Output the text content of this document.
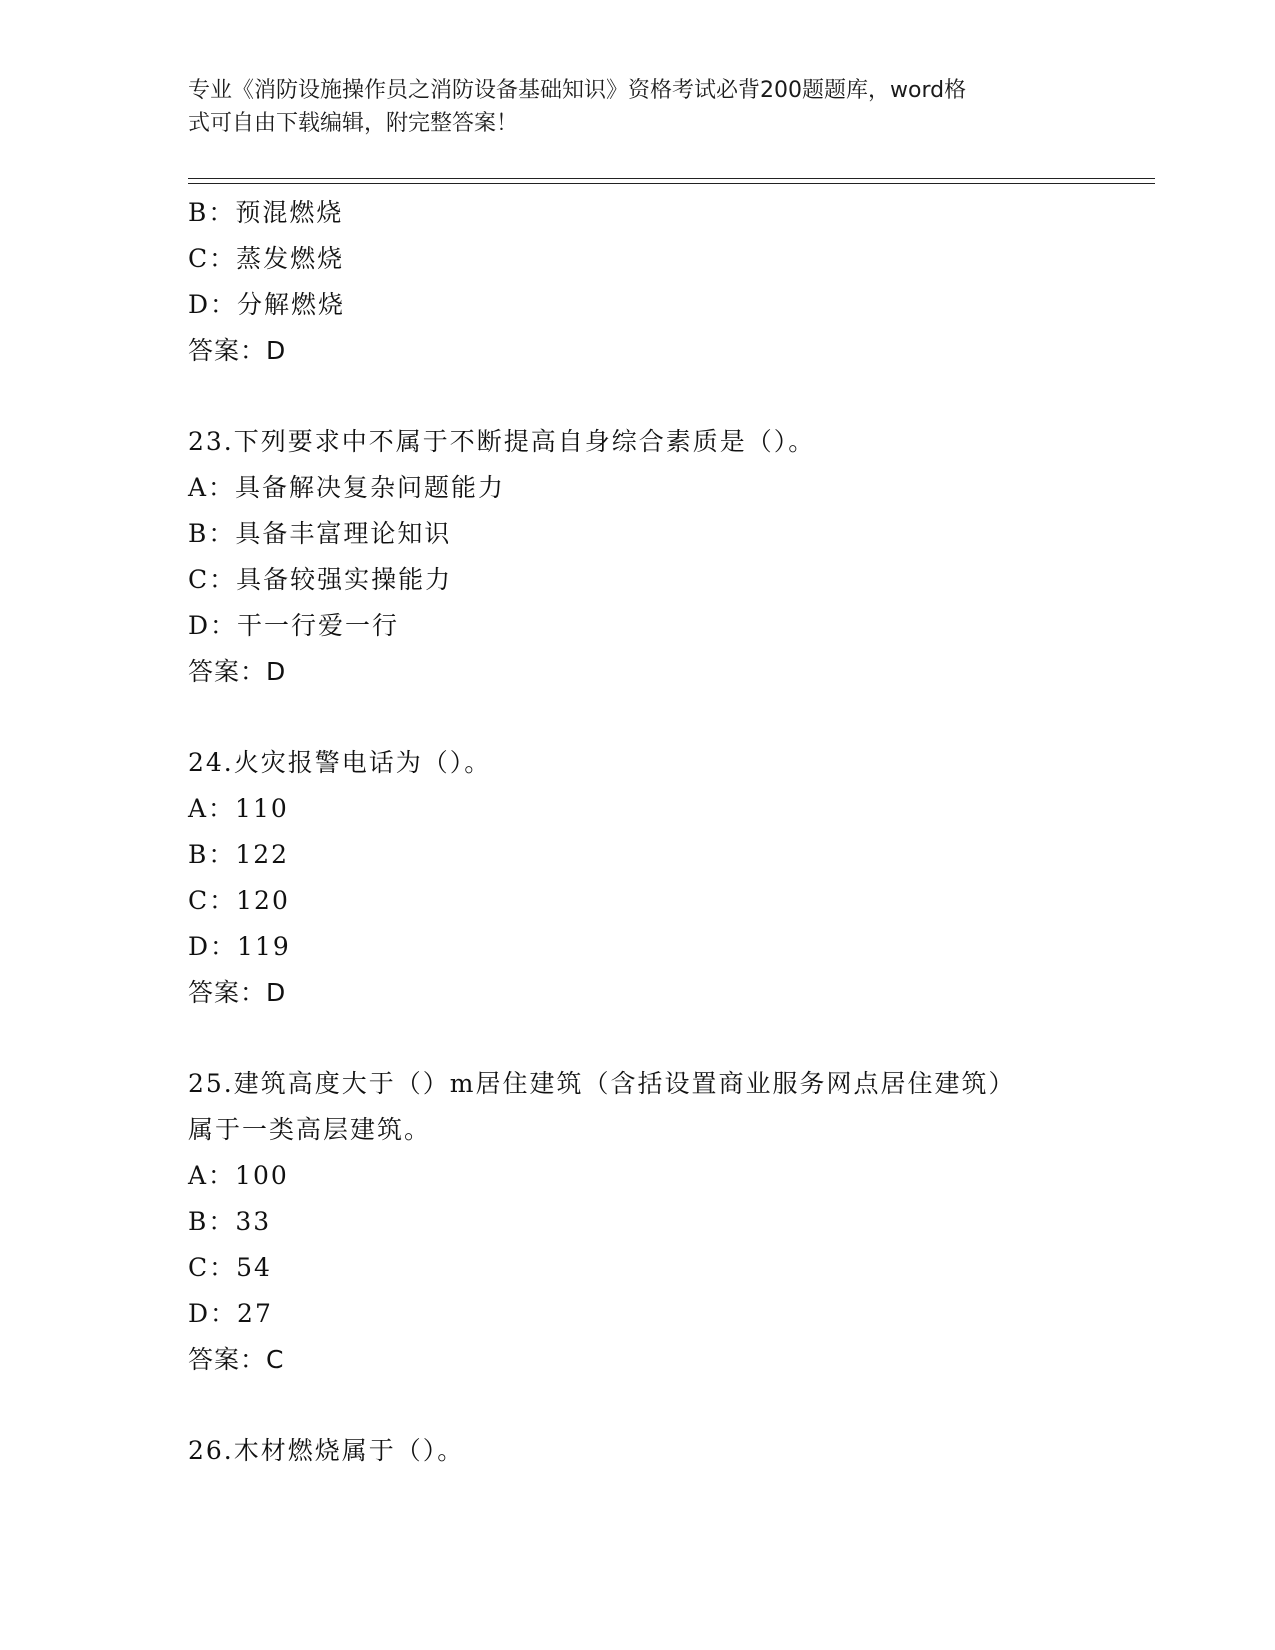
专业《消防设施操作员之消防设备基础知识》资格考试必背200题题库，word格
式可自由下载编辑，附完整答案！
B：预混燃烧
C：蒸发燃烧
D：分解燃烧
答案：D
23.下列要求中不属于不断提高自身综合素质是（）。
A：具备解决复杂问题能力
B：具备丰富理论知识
C：具备较强实操能力
D：干一行爱一行
答案：D
24.火灾报警电话为（）。
A：110
B：122
C：120
D：119
答案：D
25.建筑高度大于（）m居住建筑（含括设置商业服务网点居住建筑）
属于一类高层建筑。
A：100
B：33
C：54
D：27
答案：C
26.木材燃烧属于（）。
